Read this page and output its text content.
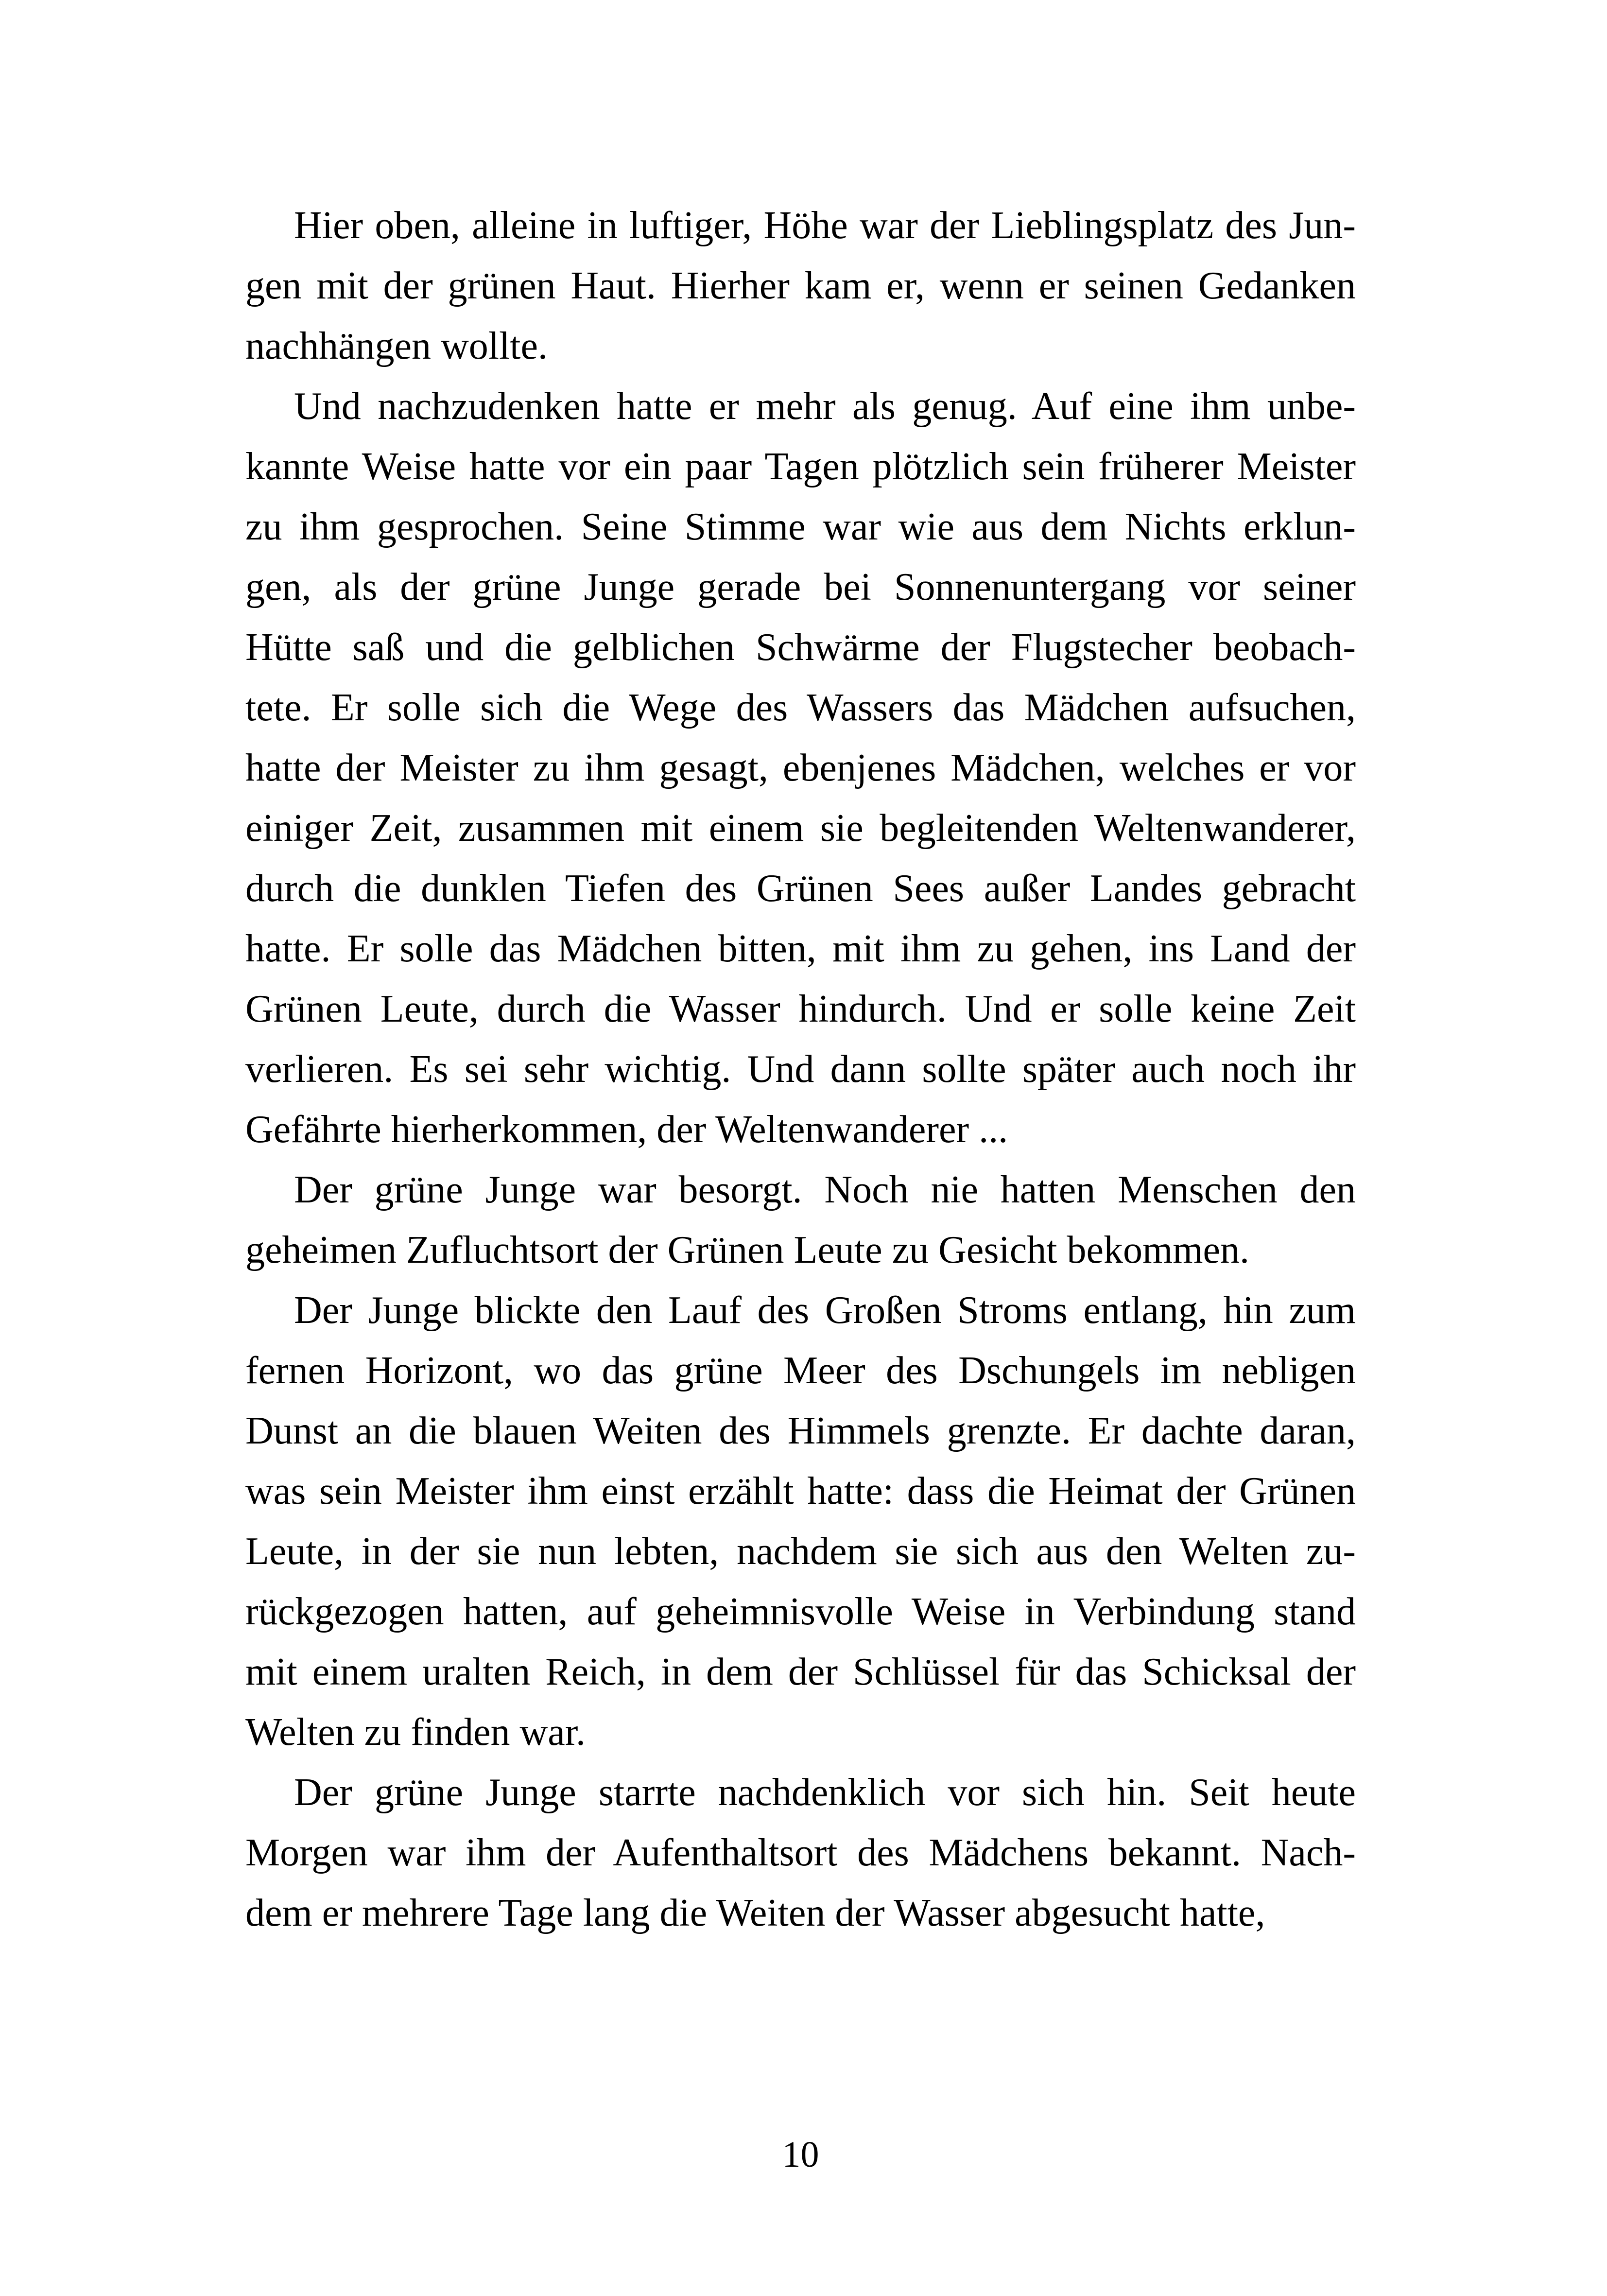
Hier oben, alleine in luftiger, Höhe war der Lieblingsplatz des Jun-
gen mit der grünen Haut. Hierher kam er, wenn er seinen Gedanken
nachhängen wollte.
Und nachzudenken hatte er mehr als genug. Auf eine ihm unbe-
kannte Weise hatte vor ein paar Tagen plötzlich sein früherer Meister
zu ihm gesprochen. Seine Stimme war wie aus dem Nichts erklun-
gen, als der grüne Junge gerade bei Sonnenuntergang vor seiner
Hütte saß und die gelblichen Schwärme der Flugstecher beobach-
tete. Er solle sich die Wege des Wassers das Mädchen aufsuchen,
hatte der Meister zu ihm gesagt, ebenjenes Mädchen, welches er vor
einiger Zeit, zusammen mit einem sie begleitenden Weltenwanderer,
durch die dunklen Tiefen des Grünen Sees außer Landes gebracht
hatte. Er solle das Mädchen bitten, mit ihm zu gehen, ins Land der
Grünen Leute, durch die Wasser hindurch. Und er solle keine Zeit
verlieren. Es sei sehr wichtig. Und dann sollte später auch noch ihr
Gefährte hierherkommen, der Weltenwanderer ...
Der grüne Junge war besorgt. Noch nie hatten Menschen den
geheimen Zufluchtsort der Grünen Leute zu Gesicht bekommen.
Der Junge blickte den Lauf des Großen Stroms entlang, hin zum
fernen Horizont, wo das grüne Meer des Dschungels im nebligen
Dunst an die blauen Weiten des Himmels grenzte. Er dachte daran,
was sein Meister ihm einst erzählt hatte: dass die Heimat der Grünen
Leute, in der sie nun lebten, nachdem sie sich aus den Welten zu-
rückgezogen hatten, auf geheimnisvolle Weise in Verbindung stand
mit einem uralten Reich, in dem der Schlüssel für das Schicksal der
Welten zu finden war.
Der grüne Junge starrte nachdenklich vor sich hin. Seit heute
Morgen war ihm der Aufenthaltsort des Mädchens bekannt. Nach-
dem er mehrere Tage lang die Weiten der Wasser abgesucht hatte,
10
